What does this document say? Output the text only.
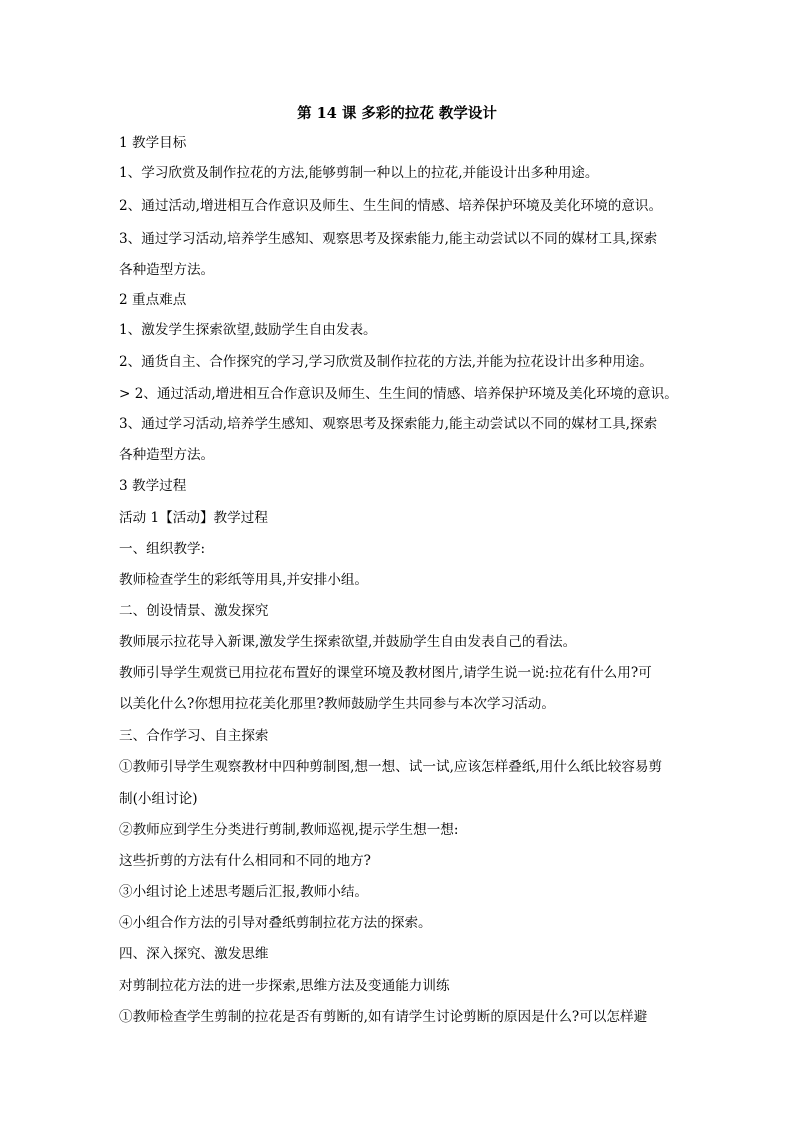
第 14 课 多彩的拉花 教学设计
1 教学目标
1、学习欣赏及制作拉花的方法,能够剪制一种以上的拉花,并能设计出多种用途。
2、通过活动,增进相互合作意识及师生、生生间的情感、培养保护环境及美化环境的意识。
3、通过学习活动,培养学生感知、观察思考及探索能力,能主动尝试以不同的媒材工具,探索
各种造型方法。
2 重点难点
1、激发学生探索欲望,鼓励学生自由发表。
2、通货自主、合作探究的学习,学习欣赏及制作拉花的方法,并能为拉花设计出多种用途。
> 2、通过活动,增进相互合作意识及师生、生生间的情感、培养保护环境及美化环境的意识。
3、通过学习活动,培养学生感知、观察思考及探索能力,能主动尝试以不同的媒材工具,探索
各种造型方法。
3 教学过程
活动 1【活动】教学过程
一、组织教学:
教师检查学生的彩纸等用具,并安排小组。
二、创设情景、激发探究
教师展示拉花导入新课,激发学生探索欲望,并鼓励学生自由发表自己的看法。
教师引导学生观赏已用拉花布置好的课堂环境及教材图片,请学生说一说:拉花有什么用?可
以美化什么?你想用拉花美化那里?教师鼓励学生共同参与本次学习活动。
三、合作学习、自主探索
①教师引导学生观察教材中四种剪制图,想一想、试一试,应该怎样叠纸,用什么纸比较容易剪
制(小组讨论)
②教师应到学生分类进行剪制,教师巡视,提示学生想一想:
这些折剪的方法有什么相同和不同的地方?
③小组讨论上述思考题后汇报,教师小结。
④小组合作方法的引导对叠纸剪制拉花方法的探索。
四、深入探究、激发思维
对剪制拉花方法的进一步探索,思维方法及变通能力训练
①教师检查学生剪制的拉花是否有剪断的,如有请学生讨论剪断的原因是什么?可以怎样避
